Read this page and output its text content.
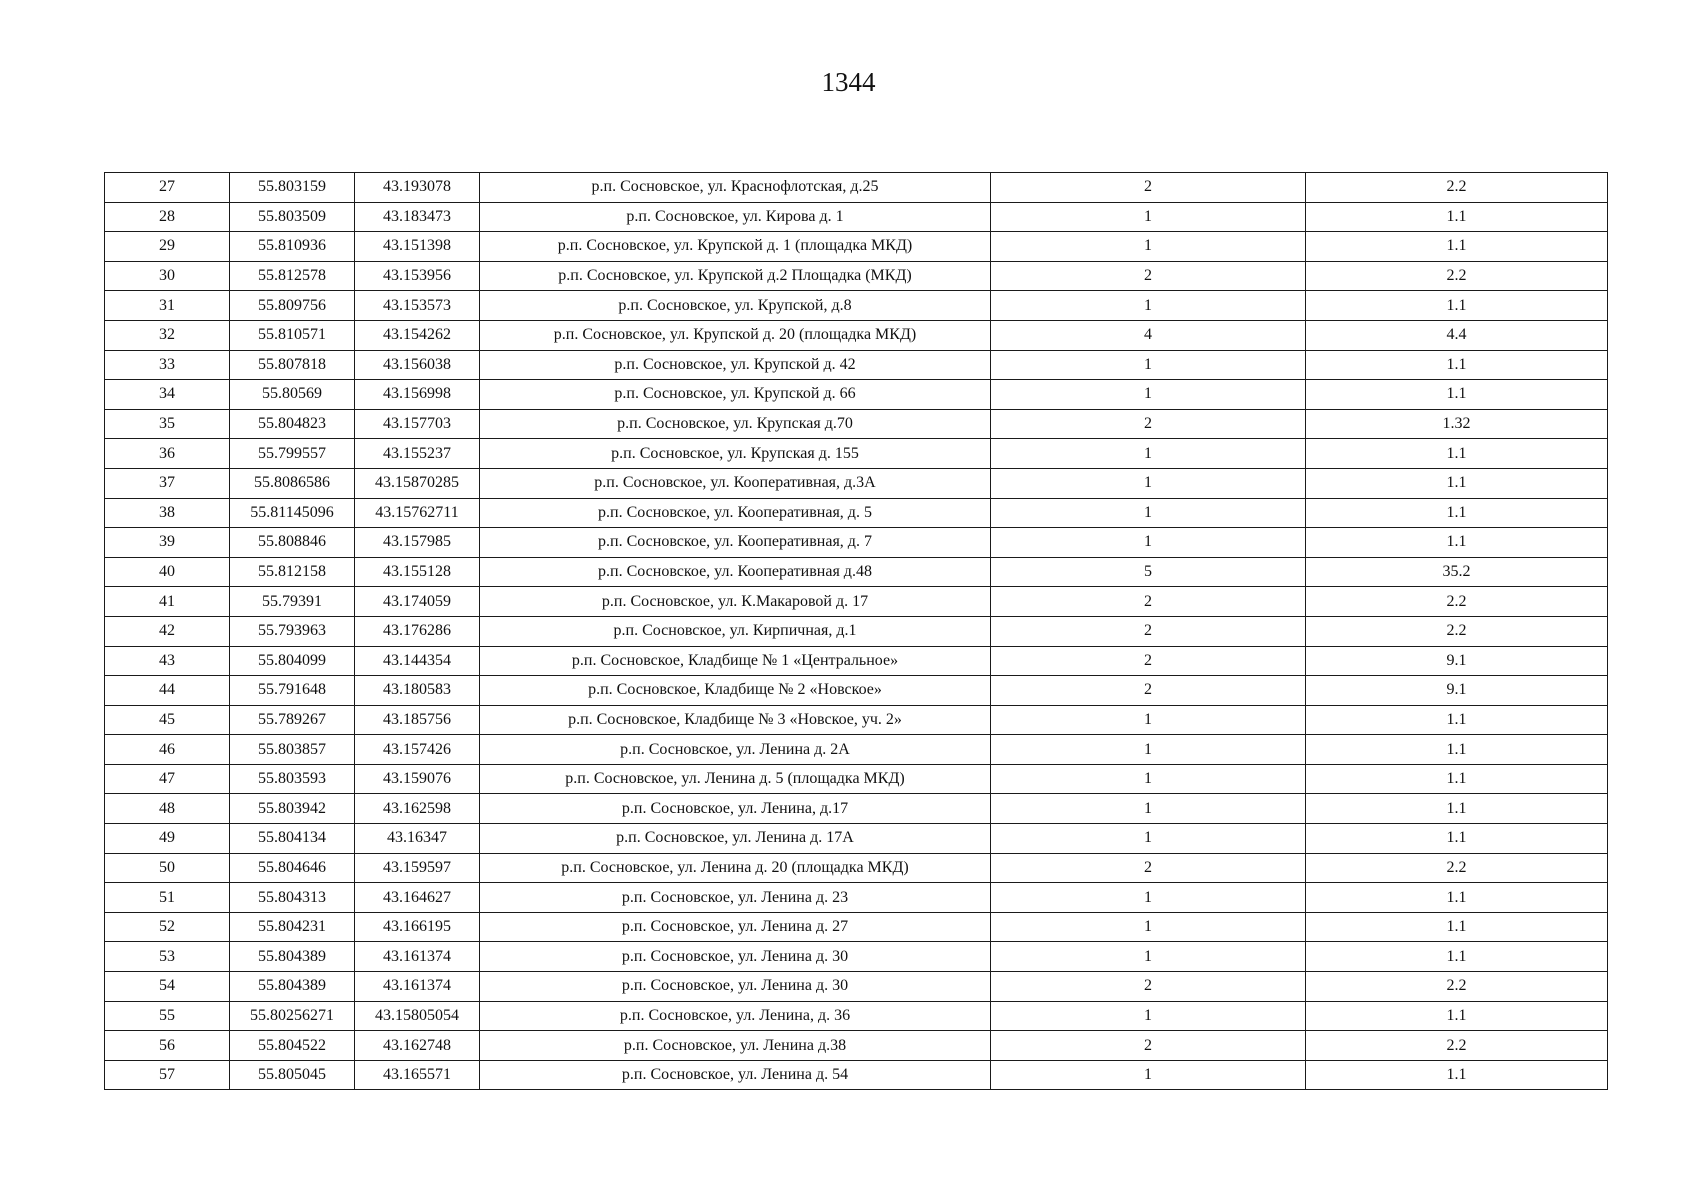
1344
27	55.803159	43.193078	р.п. Сосновское, ул. Краснофлотская, д.25	2	2.2
28	55.803509	43.183473	р.п. Сосновское, ул. Кирова д. 1	1	1.1
29	55.810936	43.151398	р.п. Сосновское, ул. Крупской д. 1 (площадка МКД)	1	1.1
30	55.812578	43.153956	р.п. Сосновское, ул. Крупской д.2 Площадка (МКД)	2	2.2
31	55.809756	43.153573	р.п. Сосновское, ул. Крупской, д.8	1	1.1
32	55.810571	43.154262	р.п. Сосновское, ул. Крупской д. 20 (площадка МКД)	4	4.4
33	55.807818	43.156038	р.п. Сосновское, ул. Крупской д. 42	1	1.1
34	55.80569	43.156998	р.п. Сосновское, ул. Крупской д. 66	1	1.1
35	55.804823	43.157703	р.п. Сосновское, ул. Крупская д.70	2	1.32
36	55.799557	43.155237	р.п. Сосновское, ул. Крупская д. 155	1	1.1
37	55.8086586	43.15870285	р.п. Сосновское, ул. Кооперативная, д.3А	1	1.1
38	55.81145096	43.15762711	р.п. Сосновское, ул. Кооперативная, д. 5	1	1.1
39	55.808846	43.157985	р.п. Сосновское, ул. Кооперативная, д. 7	1	1.1
40	55.812158	43.155128	р.п. Сосновское, ул. Кооперативная д.48	5	35.2
41	55.79391	43.174059	р.п. Сосновское, ул. К.Макаровой д. 17	2	2.2
42	55.793963	43.176286	р.п. Сосновское, ул. Кирпичная, д.1	2	2.2
43	55.804099	43.144354	р.п. Сосновское, Кладбище № 1 «Центральное»	2	9.1
44	55.791648	43.180583	р.п. Сосновское, Кладбище № 2 «Новское»	2	9.1
45	55.789267	43.185756	р.п. Сосновское, Кладбище № 3 «Новское, уч. 2»	1	1.1
46	55.803857	43.157426	р.п. Сосновское, ул. Ленина д. 2А	1	1.1
47	55.803593	43.159076	р.п. Сосновское, ул. Ленина д. 5 (площадка МКД)	1	1.1
48	55.803942	43.162598	р.п. Сосновское, ул. Ленина, д.17	1	1.1
49	55.804134	43.16347	р.п. Сосновское, ул. Ленина д. 17А	1	1.1
50	55.804646	43.159597	р.п. Сосновское, ул. Ленина д. 20 (площадка МКД)	2	2.2
51	55.804313	43.164627	р.п. Сосновское, ул. Ленина д. 23	1	1.1
52	55.804231	43.166195	р.п. Сосновское, ул. Ленина д. 27	1	1.1
53	55.804389	43.161374	р.п. Сосновское, ул. Ленина д. 30	1	1.1
54	55.804389	43.161374	р.п. Сосновское, ул. Ленина д. 30	2	2.2
55	55.80256271	43.15805054	р.п. Сосновское, ул. Ленина, д. 36	1	1.1
56	55.804522	43.162748	р.п. Сосновское, ул. Ленина д.38	2	2.2
57	55.805045	43.165571	р.п. Сосновское, ул. Ленина д. 54	1	1.1
